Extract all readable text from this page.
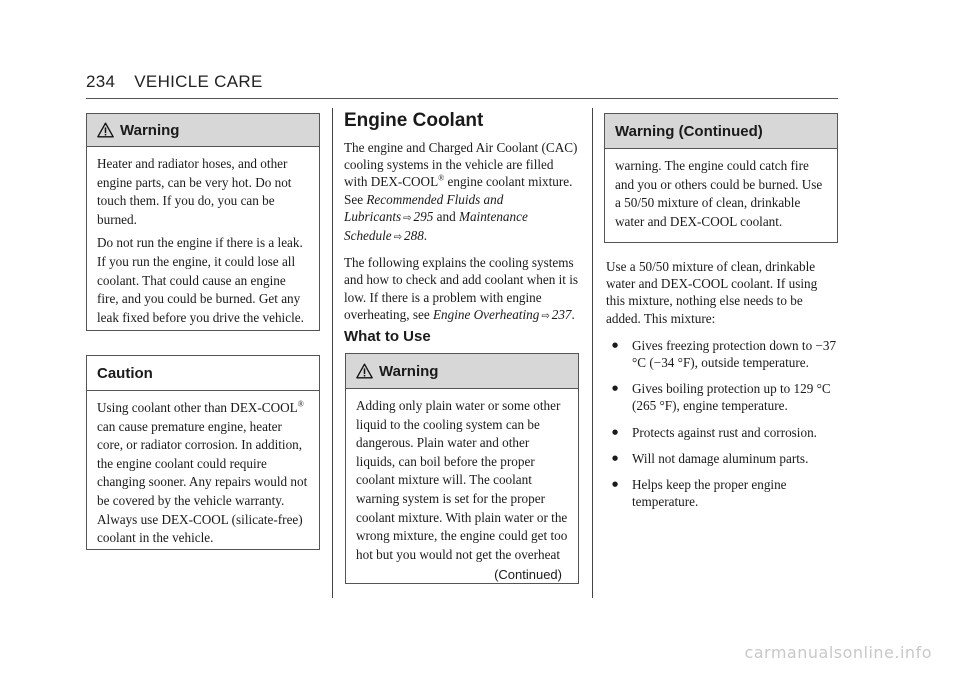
234 VEHICLE CARE
Warning

Heater and radiator hoses, and other engine parts, can be very hot. Do not touch them. If you do, you can be burned.

Do not run the engine if there is a leak. If you run the engine, it could lose all coolant. That could cause an engine fire, and you could be burned. Get any leak fixed before you drive the vehicle.

Caution

Using coolant other than DEX-COOL® can cause premature engine, heater core, or radiator corrosion. In addition, the engine coolant could require changing sooner. Any repairs would not be covered by the vehicle warranty. Always use DEX-COOL (silicate-free) coolant in the vehicle.

Engine Coolant

The engine and Charged Air Coolant (CAC) cooling systems in the vehicle are filled with DEX-COOL® engine coolant mixture. See Recommended Fluids and Lubricants ⇨ 295 and Maintenance Schedule ⇨ 288.

The following explains the cooling systems and how to check and add coolant when it is low. If there is a problem with engine overheating, see Engine Overheating ⇨ 237.

What to Use
Warning

Adding only plain water or some other liquid to the cooling system can be dangerous. Plain water and other liquids, can boil before the proper coolant mixture will. The coolant warning system is set for the proper coolant mixture. With plain water or the wrong mixture, the engine could get too hot but you would not get the overheat

(Continued)
Warning (Continued)

warning. The engine could catch fire and you or others could be burned. Use a 50/50 mixture of clean, drinkable water and DEX-COOL coolant.

Use a 50/50 mixture of clean, drinkable water and DEX-COOL coolant. If using this mixture, nothing else needs to be added. This mixture:

● Gives freezing protection down to −37 °C (−34 °F), outside temperature.
● Gives boiling protection up to 129 °C (265 °F), engine temperature.
● Protects against rust and corrosion.
● Will not damage aluminum parts.
● Helps keep the proper engine temperature.
carmanualsonline.info
